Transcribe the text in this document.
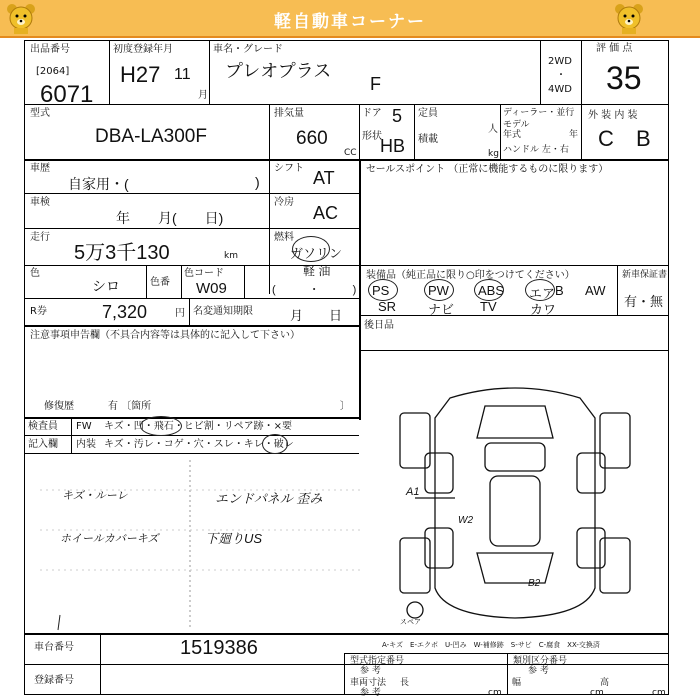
軽自動車コーナー
出品番号
[2064]
6071
初度登録年月
H27 11
月
車名・グレード
プレオプラス
F
2WD
・
4WD
評 価 点
35
外 装 内 装
C B
型式
DBA-LA300F
排気量
660
CC
ドア 5
形状
HB
定員
人
積載
kg
ディーラー・並行
モデル
年式	年
ハンドル 左・右
車歴
自家用・(	)
シフト AT
車検
年　　月(　　日)
冷房
AC
走行
5万3千130	km
燃料
ガソリン
軽 油
(　　　・　　　)
色
シロ	色番
色コード
W09
R券	7,320	円 名変通知期限	月　　日
セールスポイント （正常に機能するものに限ります）
装備品（純正品に限り○印をつけてください）
PS	PW ABS エア B AW
SR ナビ TV	カワ
新車保証書
有・無
後日品
注意事項申告欄（不具合内容等は具体的に記入して下さい）
修復歴	有 〔箇所	〕
検査員
記入欄
FW キズ・凹・飛石・ヒビ割・リペア跡・×要
内装 キズ・汚レ・コゲ・穴・スレ・キレ・破レ
キズ・ルーレ
ホイールカバーキズ
エンドパネル 歪み
下廻りUS
A1
W2
B2
スペア
A-キズ　E-エクボ　U-凹み　W-補修跡　S-サビ　C-腐食　XX-交換済
車台番号	1519386
登録番号
型式指定番号
参 考
類別区分番号
参 考
車両寸法
参 考
長
cm
幅
cm
高
cm
